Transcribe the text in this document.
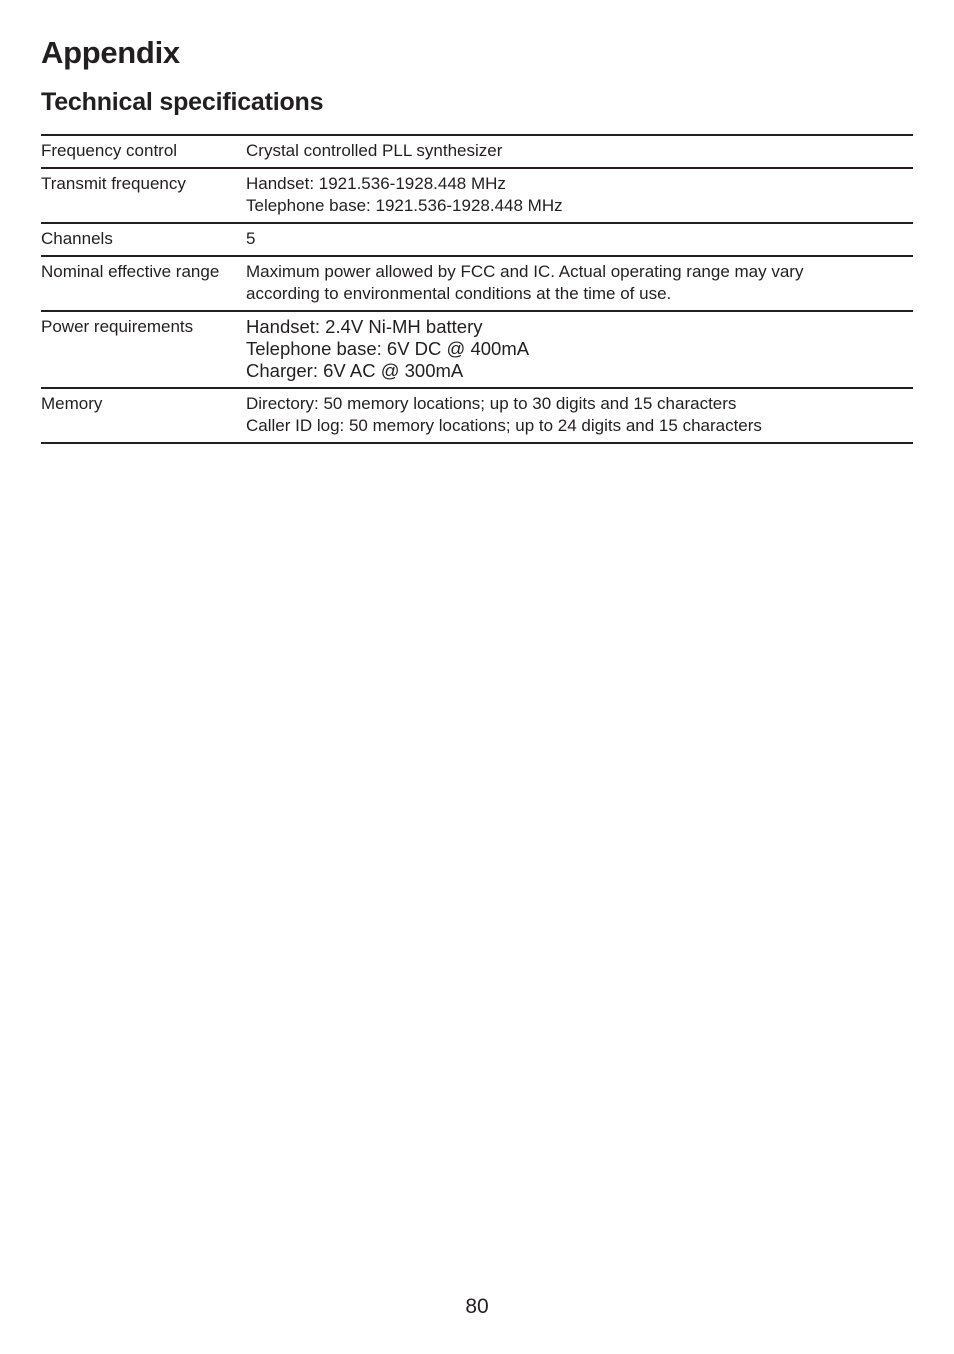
Appendix
Technical specifications
Frequency control	Crystal controlled PLL synthesizer
Transmit frequency	Handset: 1921.536-1928.448 MHz
Telephone base: 1921.536-1928.448 MHz
Channels	5
Nominal effective range	Maximum power allowed by FCC and IC. Actual operating range may vary
according to environmental conditions at the time of use.
Power requirements	Handset: 2.4V Ni-MH battery
Telephone base: 6V DC @ 400mA
Charger: 6V AC @ 300mA
Memory	Directory: 50 memory locations; up to 30 digits and 15 characters
Caller ID log: 50 memory locations; up to 24 digits and 15 characters
80
